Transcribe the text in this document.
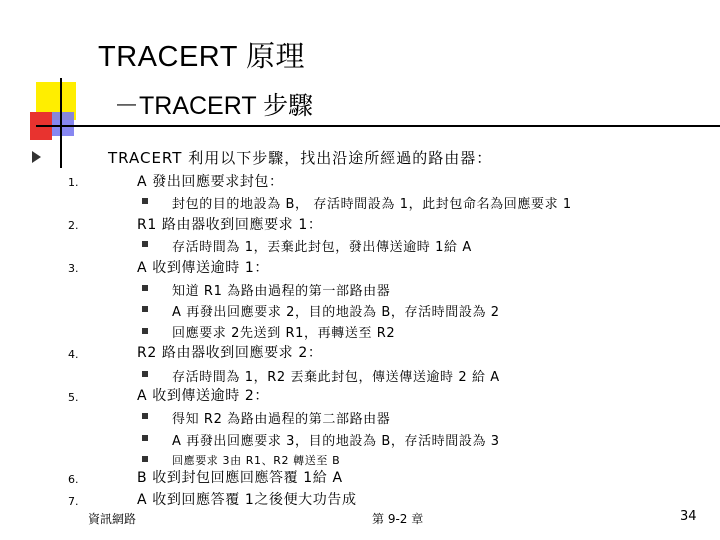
TRACERT 原理
－TRACERT 步驟
TRACERT 利用以下步驟，找出沿途所經過的路由器：
1.	A 發出回應要求封包：
封包的目的地設為 B， 存活時間設為 1，此封包命名為回應要求 1
2.	R1 路由器收到回應要求 1：
存活時間為 1，丟棄此封包，發出傳送逾時 1給 A
3.	A 收到傳送逾時 1：
知道 R1 為路由過程的第一部路由器
A 再發出回應要求 2，目的地設為 B，存活時間設為 2
回應要求 2先送到 R1，再轉送至 R2
4.	R2 路由器收到回應要求 2：
存活時間為 1，R2 丟棄此封包，傳送傳送逾時 2 給 A
5.	A 收到傳送逾時 2：
得知 R2 為路由過程的第二部路由器
A 再發出回應要求 3，目的地設為 B，存活時間設為 3
回應要求 3由 R1、R2 轉送至 B
6.	B 收到封包回應回應答覆 1給 A
7.	A 收到回應答覆 1之後便大功告成
資訊網路	第 9-2 章	34
